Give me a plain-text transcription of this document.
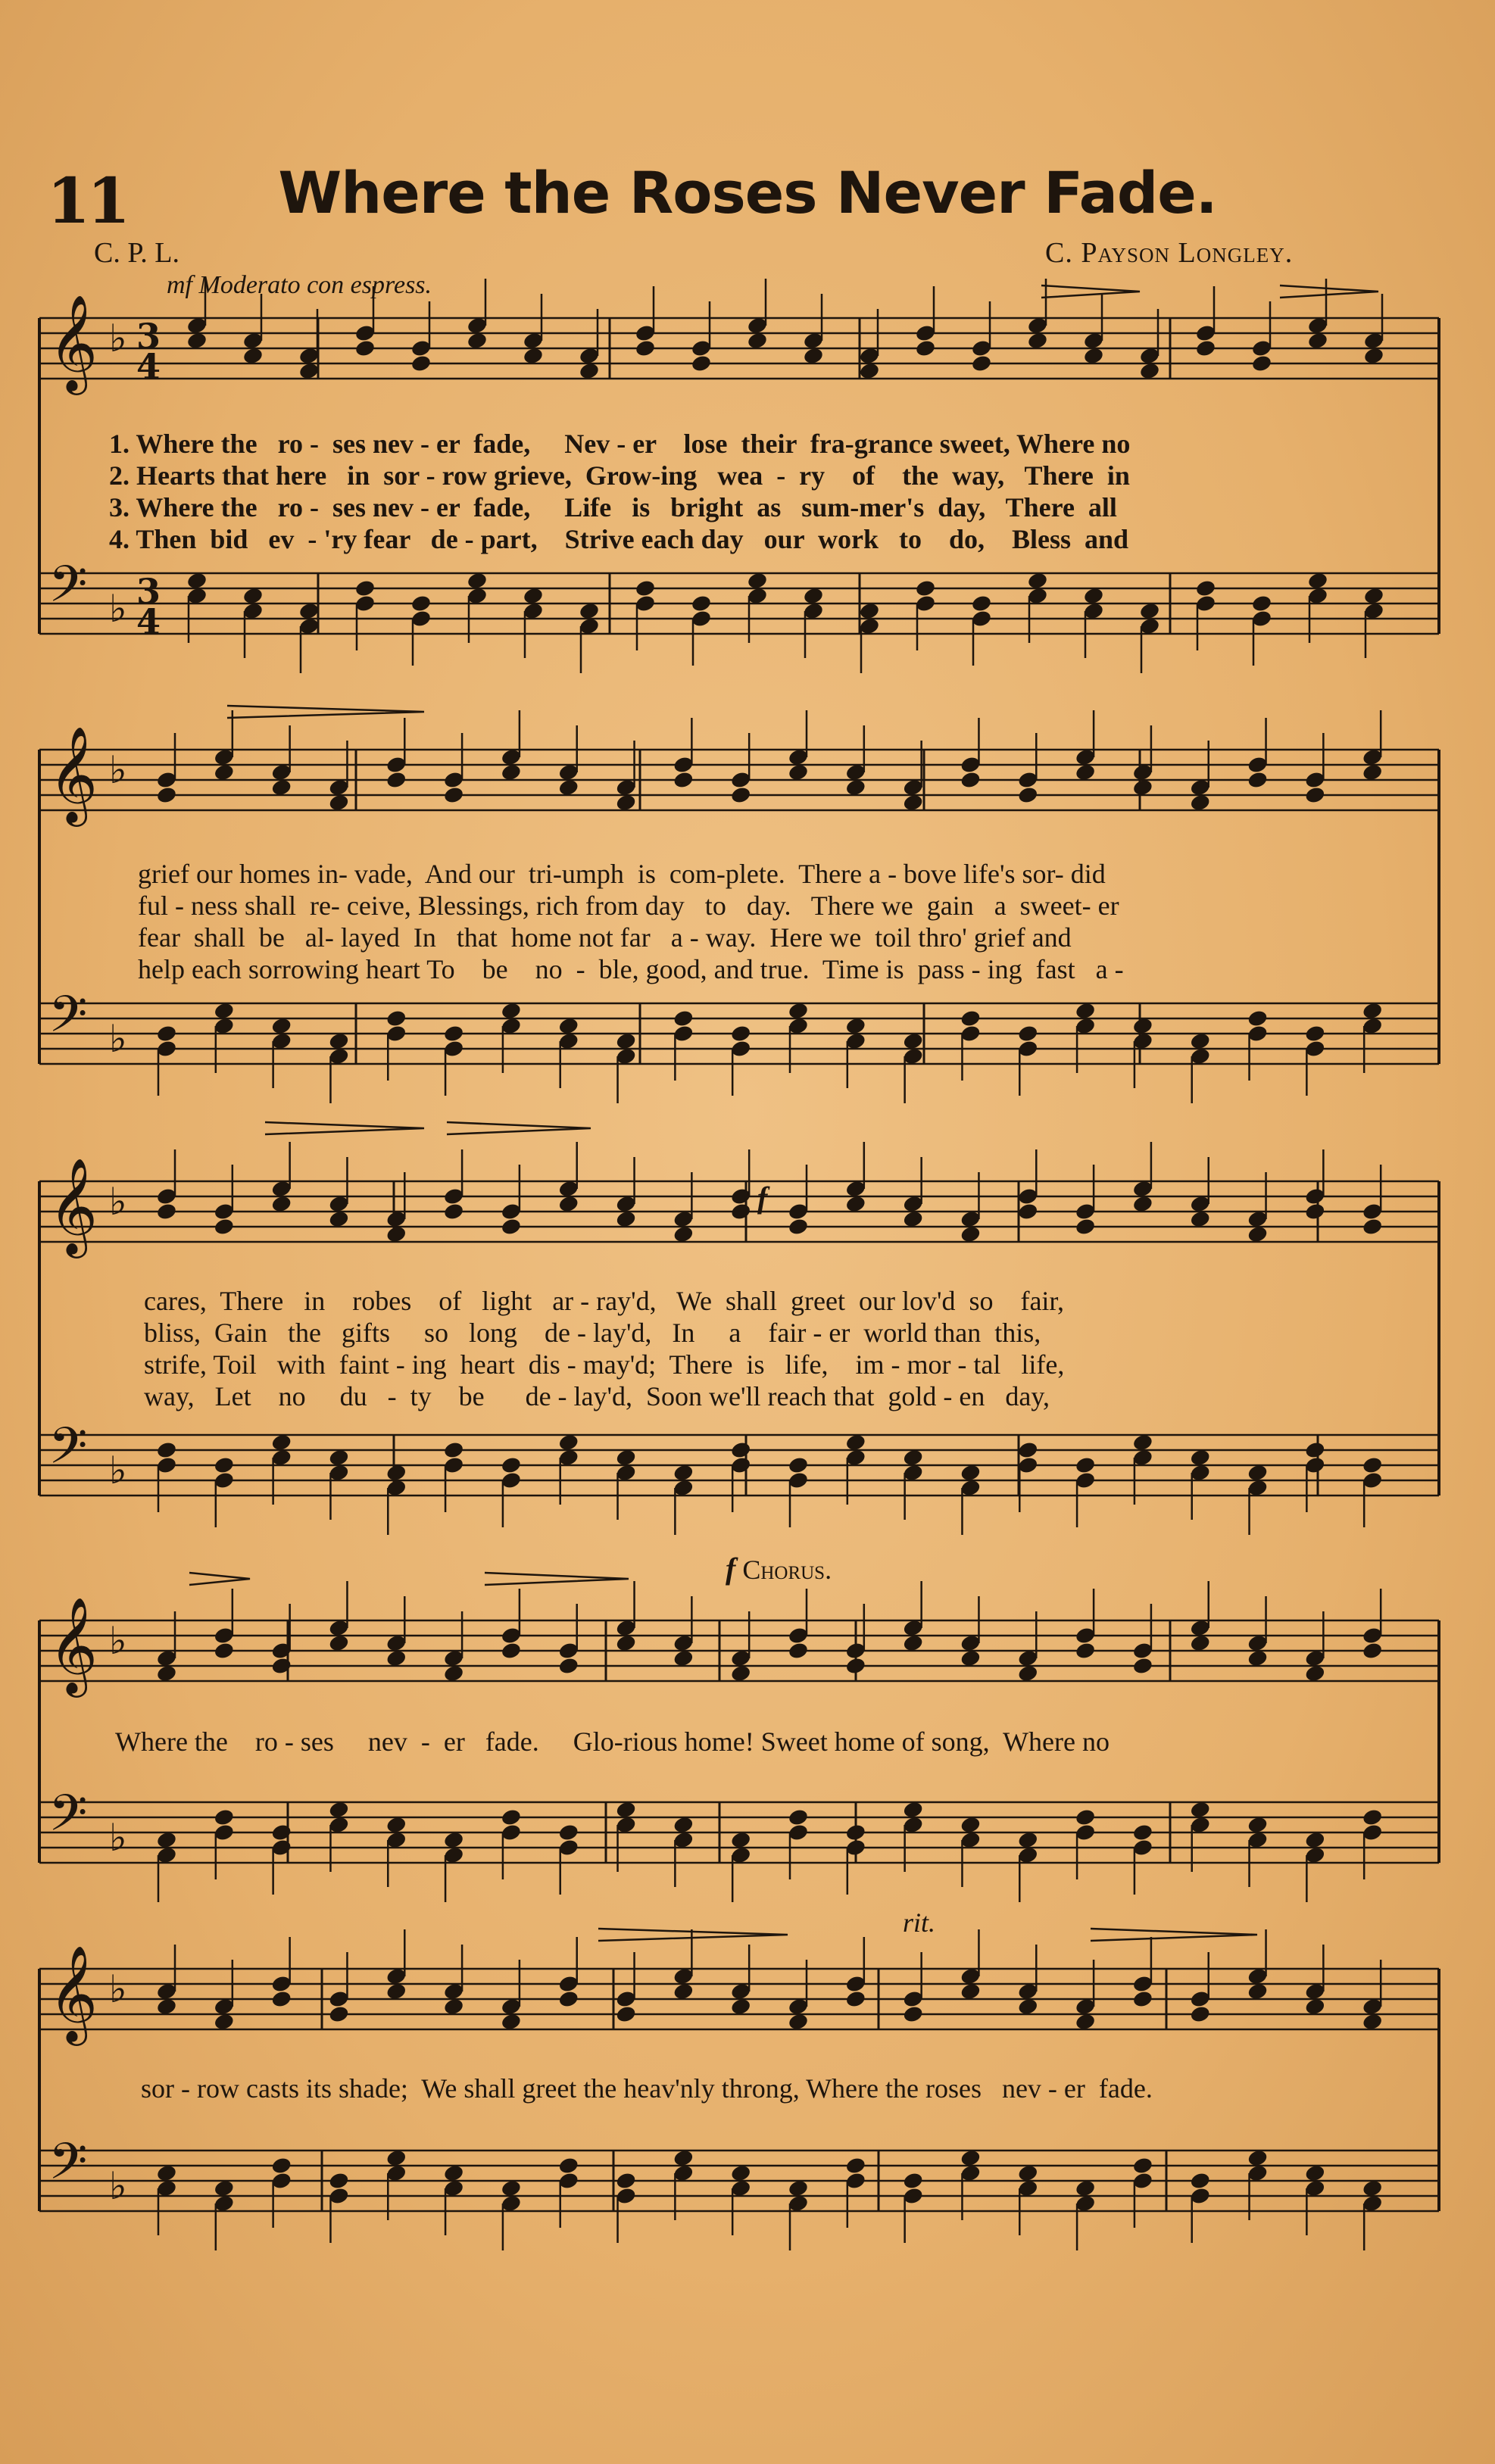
𝄞 ♭ 3
4
𝄢 ♭ 3
4
𝄞 ♭
𝄢 ♭
𝄞 ♭
𝄢 ♭
𝄞 ♭
𝄢 ♭
𝄞 ♭
𝄢 ♭
11	Where the Roses Never Fade.
C. P. L.	C. Payson Longley.
mf Moderato con espress.
f
f Chorus.
rit.
1. Where the   ro -  ses nev - er  fade,     Nev - er    lose  their  fra-grance sweet, Where no
2. Hearts that here   in  sor - row grieve,  Grow-ing   wea  -  ry    of    the  way,   There  in
3. Where the   ro -  ses nev - er  fade,     Life   is   bright  as   sum-mer's  day,   There  all
4. Then  bid   ev  - 'ry fear   de - part,    Strive each day   our  work   to    do,    Bless  and
grief our homes in- vade,  And our  tri-umph  is  com-plete.  There a - bove life's sor- did
ful - ness shall  re- ceive, Blessings, rich from day   to   day.   There we  gain   a  sweet- er
fear  shall  be   al- layed  In   that  home not far   a - way.  Here we  toil thro' grief and
help each sorrowing heart To    be    no  -  ble, good, and true.  Time is  pass - ing  fast   a -
cares,  There   in    robes    of   light   ar - ray'd,   We  shall  greet  our lov'd  so    fair,
bliss,  Gain   the   gifts     so   long    de - lay'd,   In     a    fair - er  world than  this,
strife, Toil   with  faint - ing  heart  dis - may'd;  There  is   life,    im - mor - tal   life,
way,   Let    no     du   -  ty    be      de - lay'd,  Soon we'll reach that  gold - en   day,
Where the    ro - ses     nev  -  er   fade.     Glo-rious home! Sweet home of song,  Where no
sor - row casts its shade;  We shall greet the heav'nly throng, Where the roses   nev - er  fade.
